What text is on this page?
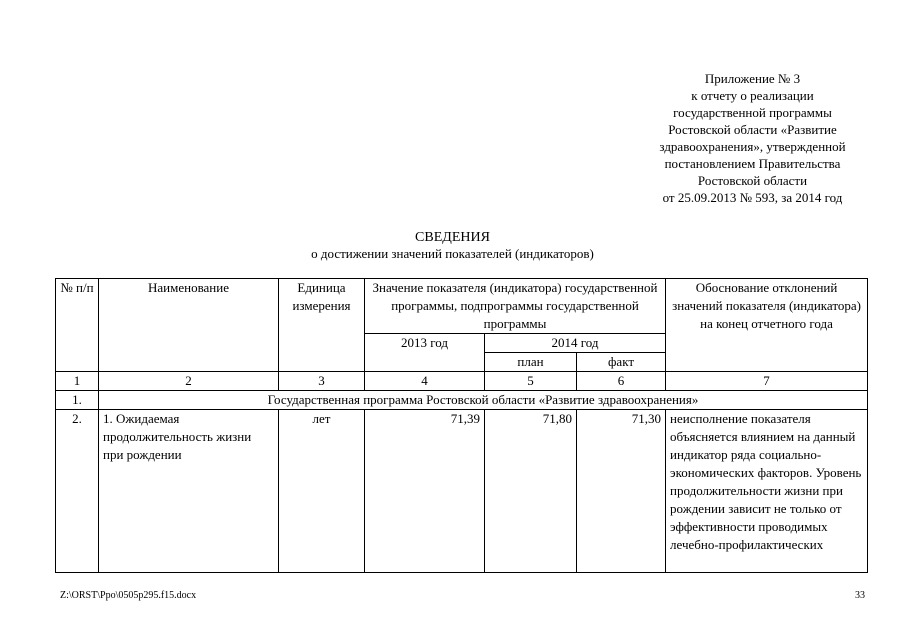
Приложение № 3
к отчету о реализации
государственной программы
Ростовской области «Развитие
здравоохранения», утвержденной
постановлением Правительства
Ростовской области
от 25.09.2013 № 593, за 2014 год
СВЕДЕНИЯ
о достижении значений показателей (индикаторов)
№ п/п	Наименование	Единица измерения	Значение показателя (индикатора) государственной программы, подпрограммы государственной программы			Обоснование отклонений значений показателя (индикатора) на конец отчетного года
			2013 год	2014 год		
				план	факт	
1	2	3	4	5	6	7
1.	Государственная программа Ростовской области «Развитие здравоохранения»					
2.	1. Ожидаемая продолжительность жизни при рождении	лет	71,39	71,80	71,30	неисполнение показателя объясняется влиянием на данный индикатор ряда социально-экономических факторов. Уровень продолжительности жизни при рождении зависит не только от эффективности проводимых лечебно-профилактических
Z:\ORST\Ppo\0505p295.f15.docx	33
